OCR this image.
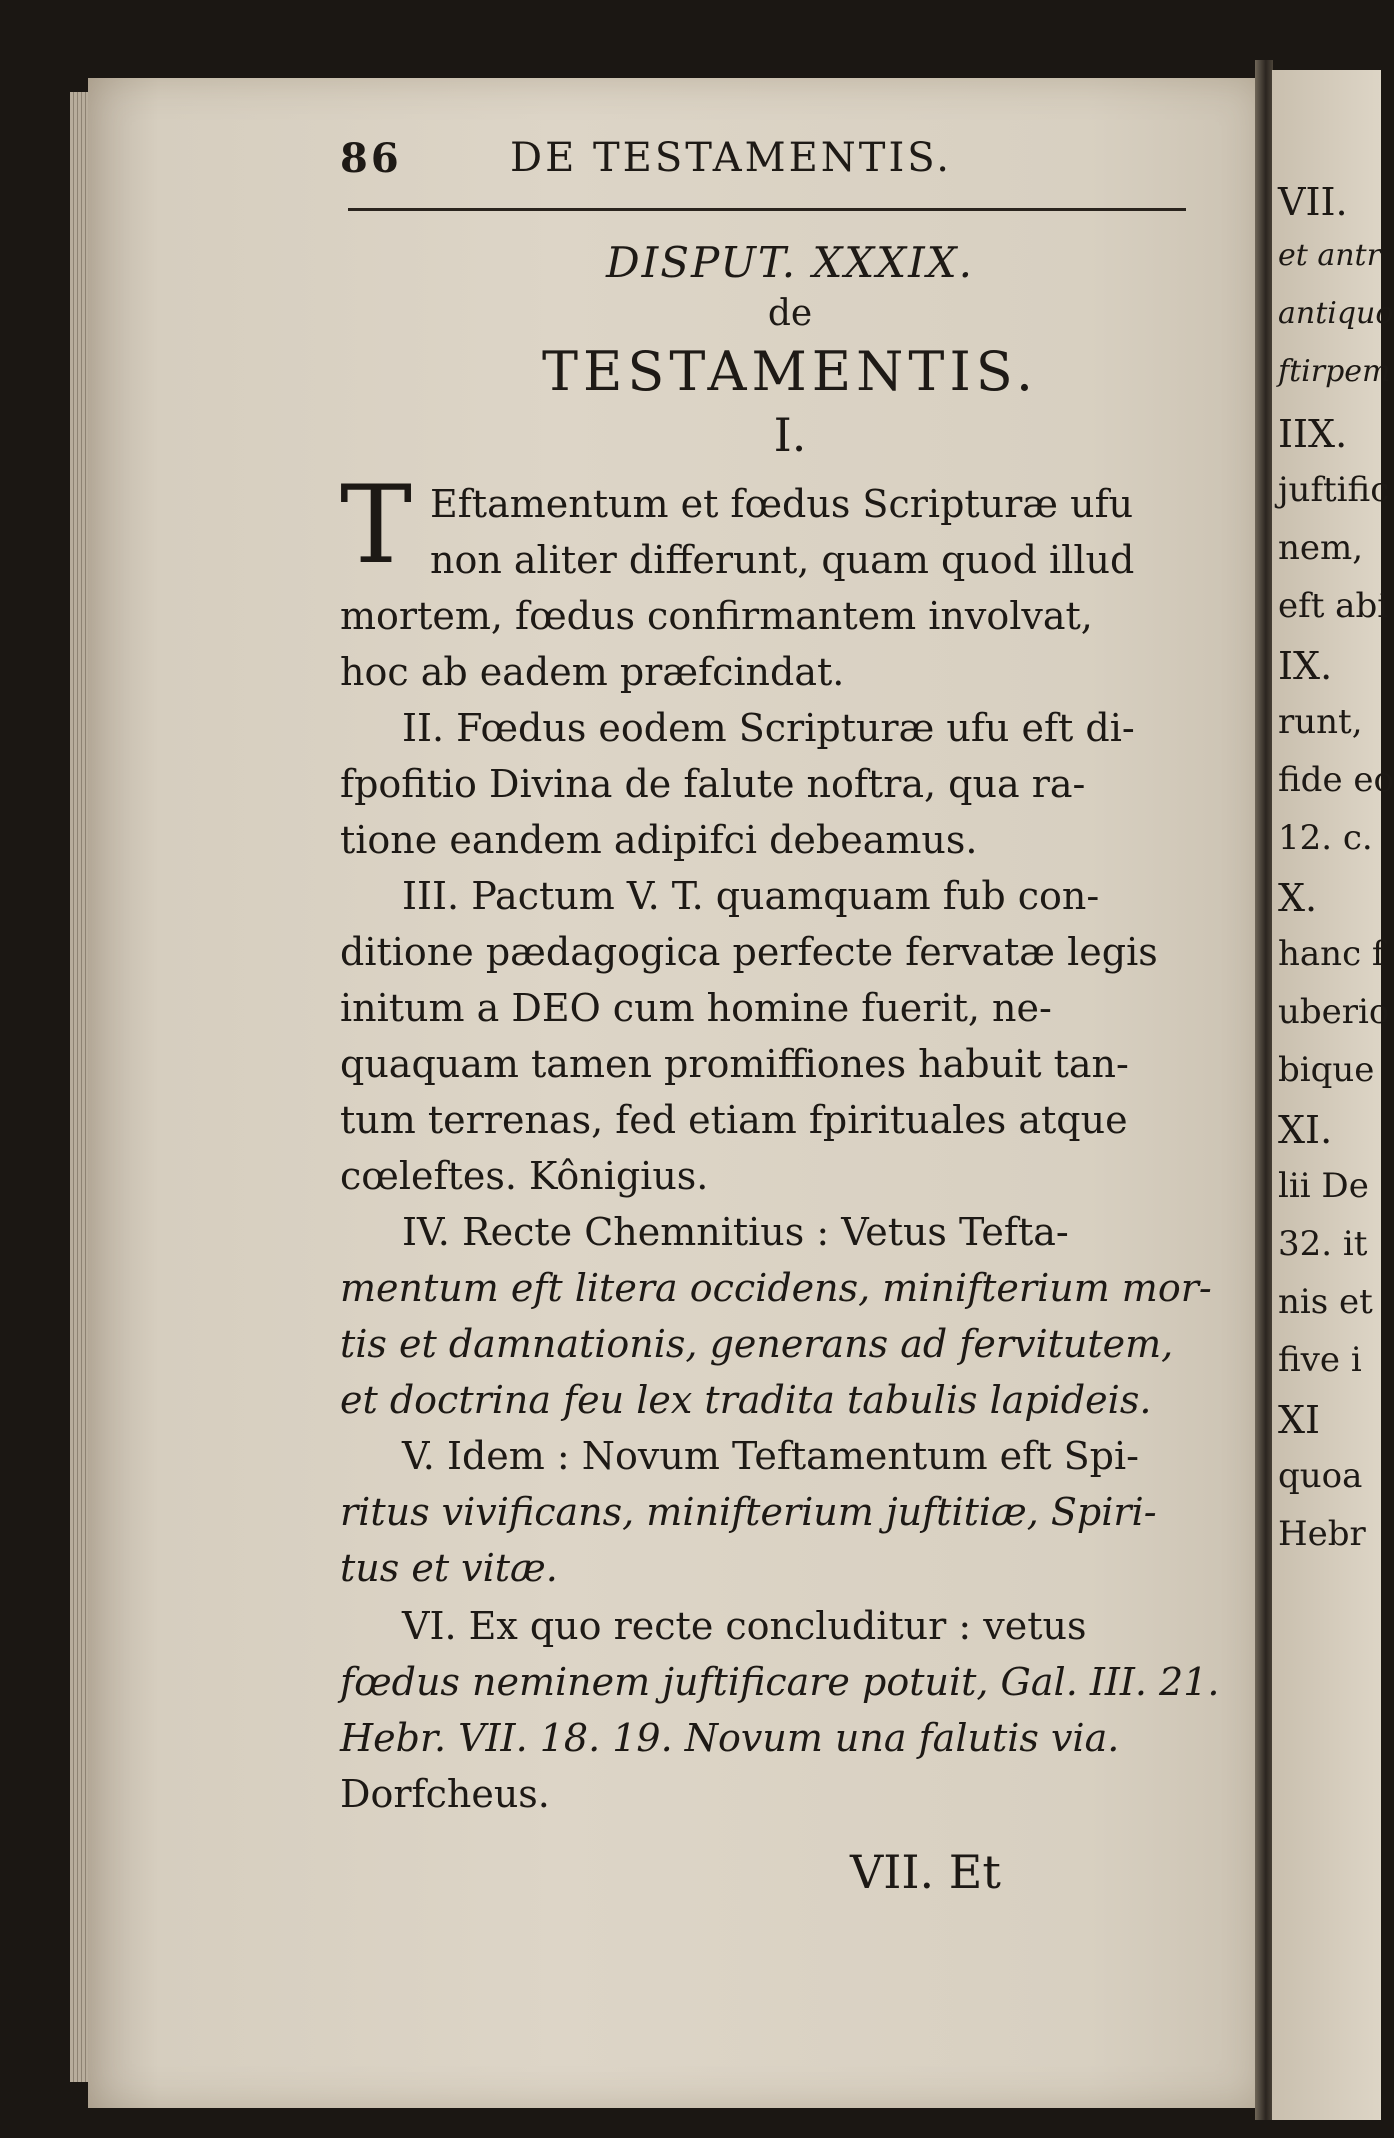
86	DE TESTAMENTIS.
DISPUT. XXXIX.
de
TESTAMENTIS.
I.
T Eftamentum et fœdus Scripturæ ufu
non aliter differunt, quam quod illud
mortem, fœdus confirmantem involvat,
hoc ab eadem præfcindat.
II. Fœdus eodem Scripturæ ufu eft di-
fpofitio Divina de falute noftra, qua ra-
tione eandem adipifci debeamus.
III. Pactum V. T. quamquam fub con-
ditione pædagogica perfecte fervatæ legis
initum a DEO cum homine fuerit, ne-
quaquam tamen promiffiones habuit tan-
tum terrenas, fed etiam fpirituales atque
cœleftes. Kônigius.
IV. Recte Chemnitius : Vetus Tefta-
mentum eft litera occidens, minifterium mor-
tis et damnationis, generans ad fervitutem,
et doctrina feu lex tradita tabulis lapideis.
V. Idem : Novum Teftamentum eft Spi-
ritus vivificans, minifterium juftitiæ, Spiri-
tus et vitæ.
VI. Ex quo recte concluditur : vetus
fœdus neminem juftificare potuit, Gal. III. 21.
Hebr. VII. 18. 19. Novum una falutis via.
Dorfcheus.
VII. Et
VII.
et antr
antiquo
ftirpem
IIX.
juftific
nem,
eft abi
IX.
runt,
fide eo
12. c.
X.
hanc f
uberio
bique
XI.
lii De
32. it
nis et
five i
XI
quoa
Hebr
